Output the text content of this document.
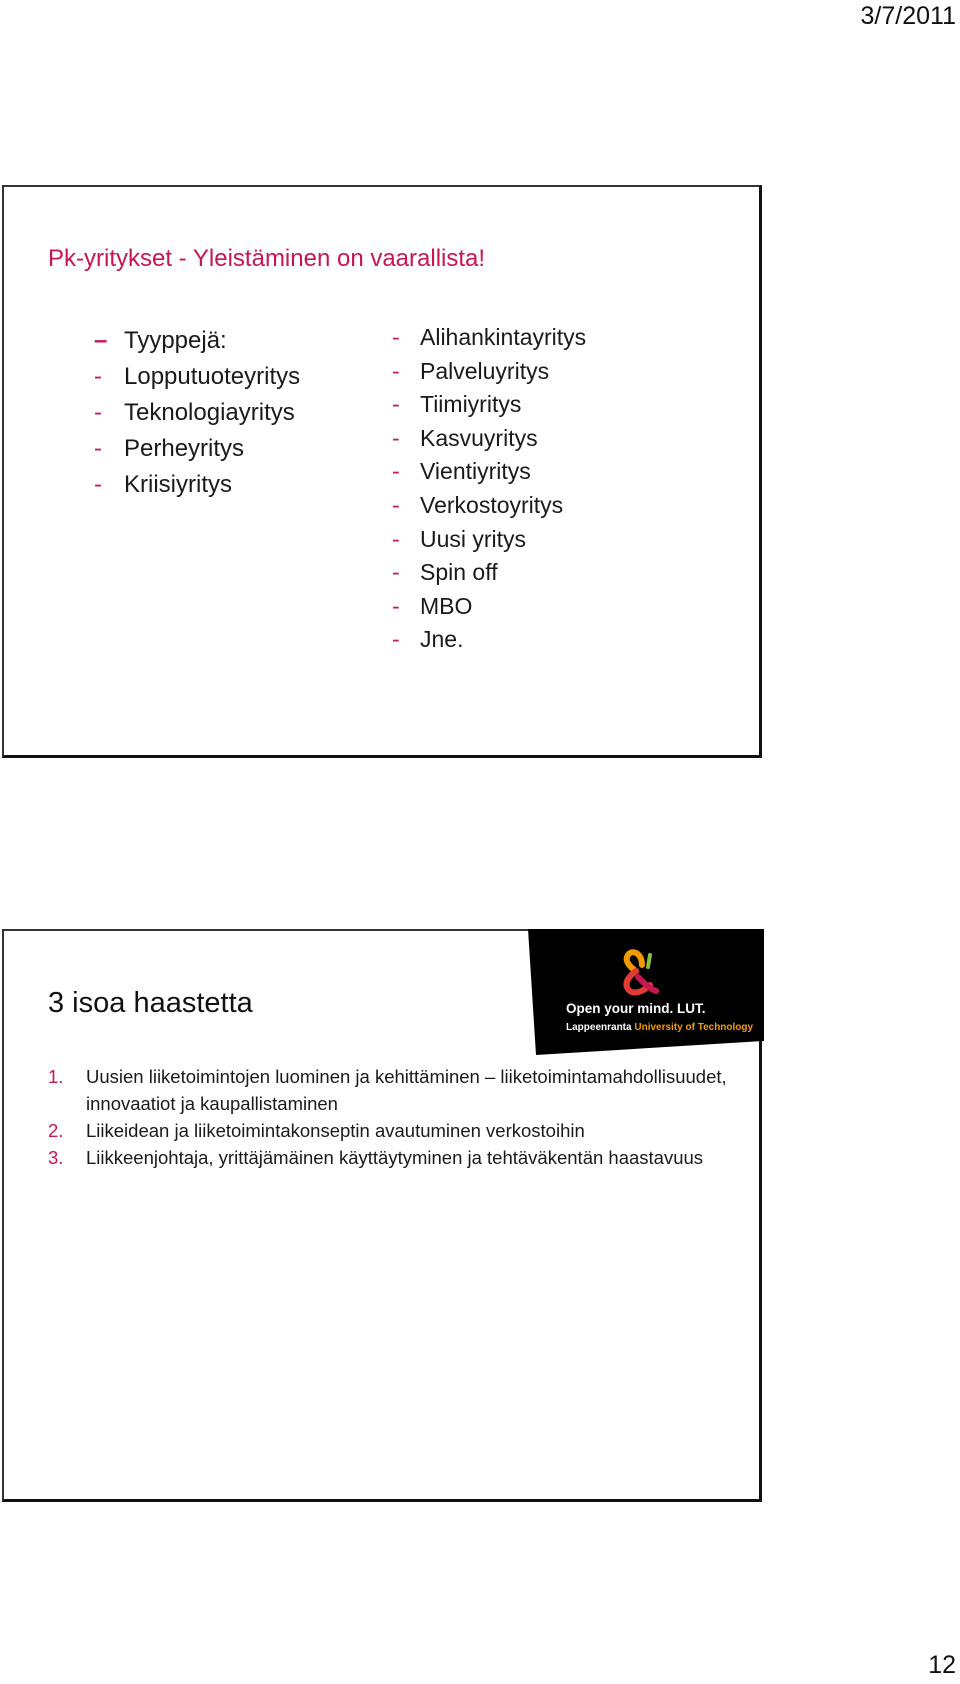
3/7/2011
Pk-yritykset - Yleistäminen on vaarallista!
– Tyyppejä:
- Lopputuoteyritys
- Teknologiayritys
- Perheyritys
- Kriisiyritys
- Alihankintayritys
- Palveluyritys
- Tiimiyritys
- Kasvuyritys
- Vientiyritys
- Verkostoyritys
- Uusi yritys
- Spin off
- MBO
- Jne.
3 isoa haastetta	Open your mind. LUT.
Lappeenranta University of Technology
1.	Uusien liiketoimintojen luominen ja kehittäminen – liiketoimintamahdollisuudet, innovaatiot ja kaupallistaminen
2.	Liikeidean ja liiketoimintakonseptin avautuminen verkostoihin
3.	Liikkeenjohtaja, yrittäjämäinen käyttäytyminen ja tehtäväkentän haastavuus
12
